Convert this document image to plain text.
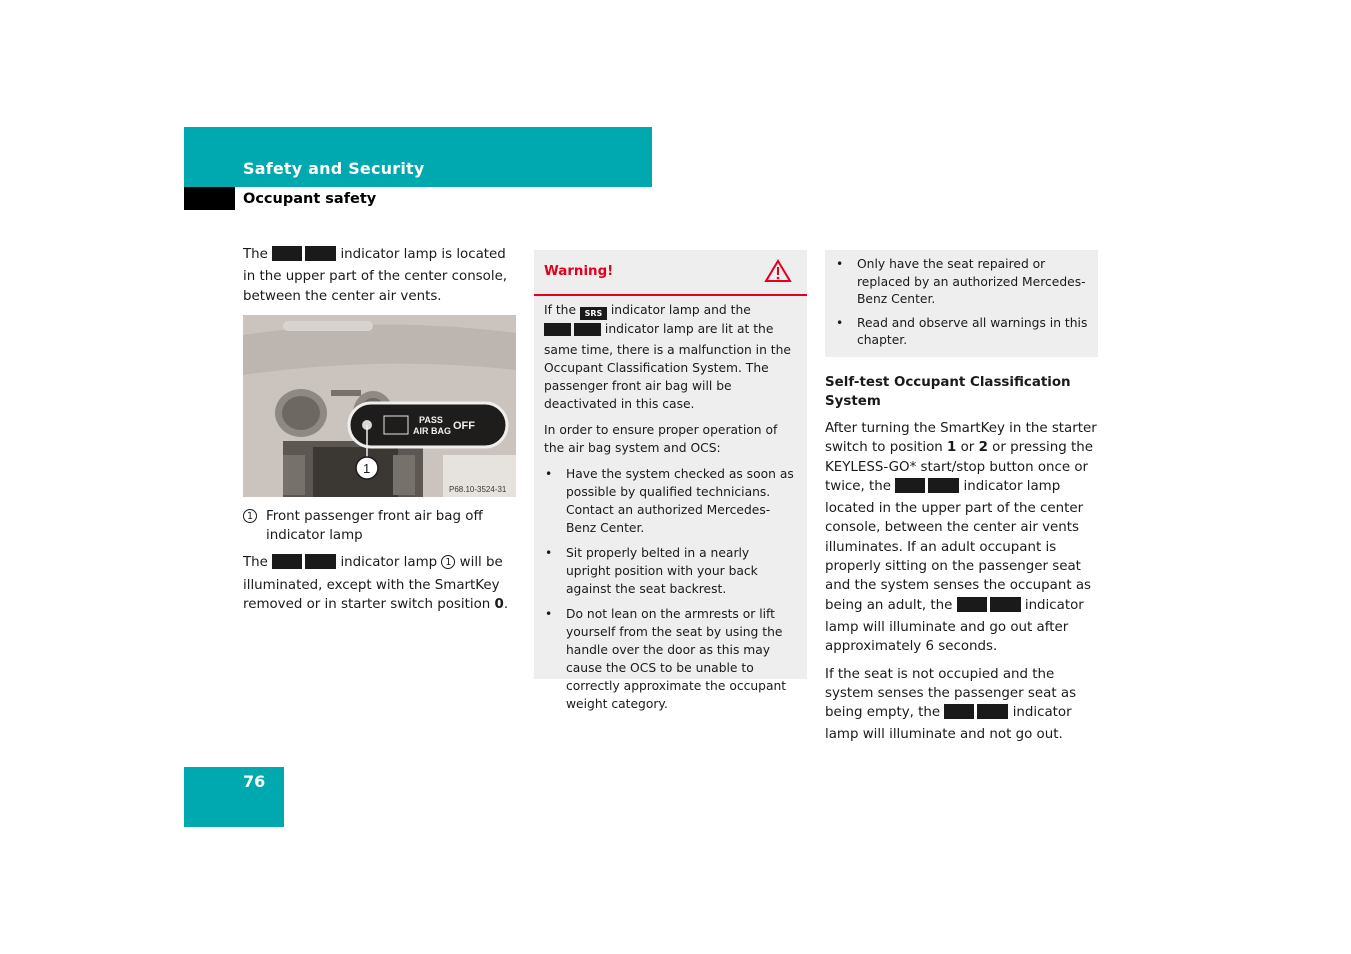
Safety and Security
Occupant safety

The	indicator lamp is located in the upper part of the center console, between the center air vents.

PASS
AIR BAG OFF
1
P68.10-3524-31
1 Front passenger front air bag off indicator lamp

The	indicator lamp 1 will be illuminated, except with the SmartKey removed or in starter switch position 0.

Warning!

If the SRS indicator lamp and the  indicator lamp are lit at the same time, there is a malfunction in the Occupant Classification System. The passenger front air bag will be deactivated in this case.

In order to ensure proper operation of the air bag system and OCS:

• Have the system checked as soon as possible by qualified technicians. Contact an authorized Mercedes-Benz Center.
• Sit properly belted in a nearly upright position with your back against the seat backrest.
• Do not lean on the armrests or lift yourself from the seat by using the handle over the door as this may cause the OCS to be unable to correctly approximate the occupant weight category.
• Only have the seat repaired or replaced by an authorized Mercedes-Benz Center.
• Read and observe all warnings in this chapter.

Self-test Occupant Classification System

After turning the SmartKey in the starter switch to position 1 or 2 or pressing the KEYLESS-GO* start/stop button once or twice, the	indicator lamp located in the upper part of the center console, between the center air vents illuminates. If an adult occupant is properly sitting on the passenger seat and the system senses the occupant as being an adult, the	indicator lamp will illuminate and go out after approximately 6 seconds.

If the seat is not occupied and the system senses the passenger seat as being empty, the	indicator lamp will illuminate and not go out.

76
